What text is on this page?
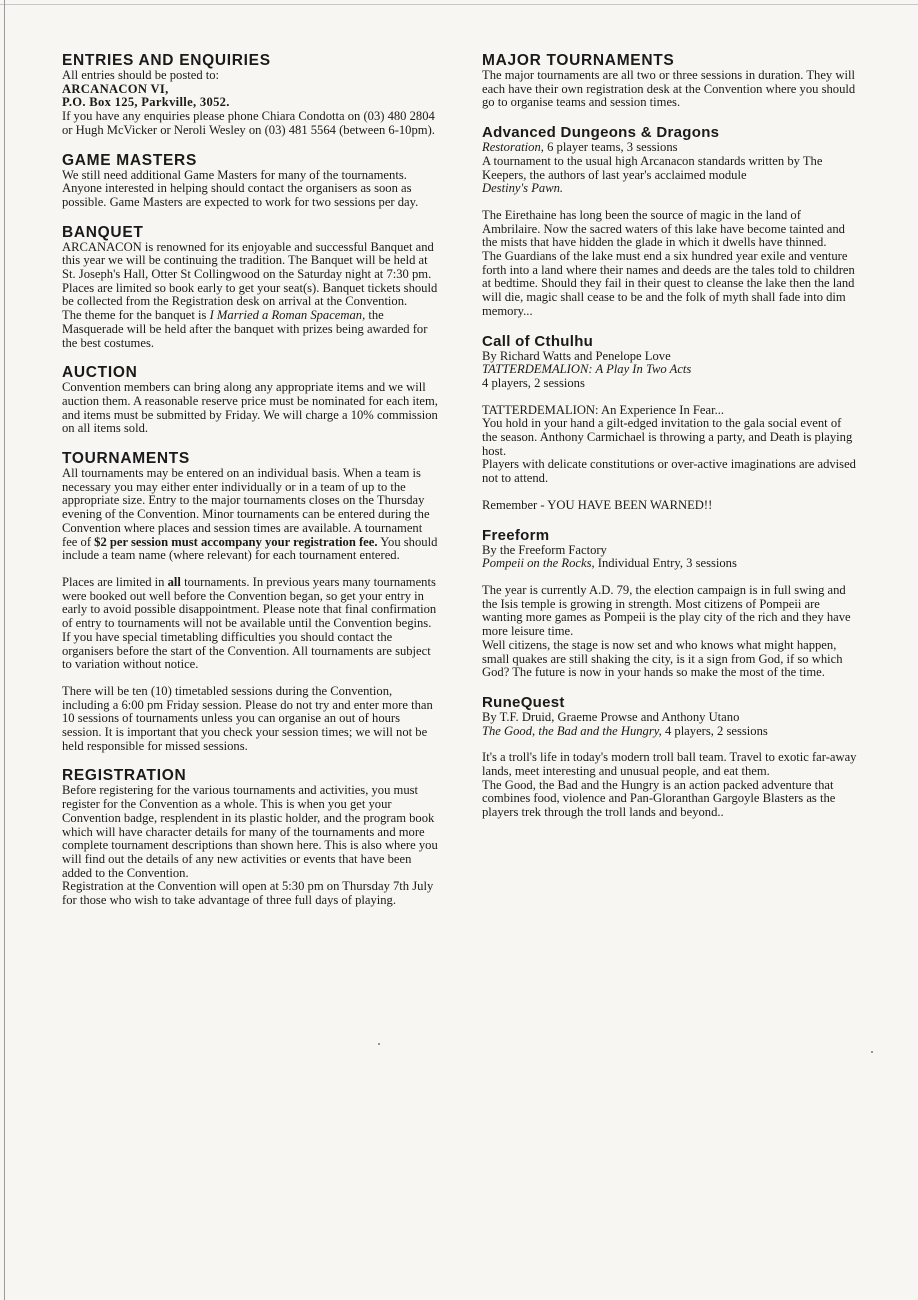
ENTRIES AND ENQUIRIES

All entries should be posted to:

ARCANACON VI,

P.O. Box 125, Parkville, 3052.

If you have any enquiries please phone Chiara Condotta on (03) 480 2804 or Hugh McVicker or Neroli Wesley on (03) 481 5564 (between 6-10pm).

GAME MASTERS

We still need additional Game Masters for many of the tournaments. Anyone interested in helping should contact the organisers as soon as possible. Game Masters are expected to work for two sessions per day.

BANQUET

ARCANACON is renowned for its enjoyable and successful Banquet and this year we will be continuing the tradition. The Banquet will be held at St. Joseph's Hall, Otter St Collingwood on the Saturday night at 7:30 pm. Places are limited so book early to get your seat(s). Banquet tickets should be collected from the Registration desk on arrival at the Convention.

The theme for the banquet is I Married a Roman Spaceman, the Masquerade will be held after the banquet with prizes being awarded for the best costumes.

AUCTION

Convention members can bring along any appropriate items and we will auction them. A reasonable reserve price must be nominated for each item, and items must be submitted by Friday. We will charge a 10% commission on all items sold.

TOURNAMENTS

All tournaments may be entered on an individual basis. When a team is necessary you may either enter individually or in a team of up to the appropriate size. Entry to the major tournaments closes on the Thursday evening of the Convention. Minor tournaments can be entered during the Convention where places and session times are available. A tournament fee of $2 per session must accompany your registration fee. You should include a team name (where relevant) for each tournament entered.

Places are limited in all tournaments. In previous years many tournaments were booked out well before the Convention began, so get your entry in early to avoid possible disappointment. Please note that final confirmation of entry to tournaments will not be available until the Convention begins. If you have special timetabling difficulties you should contact the organisers before the start of the Convention. All tournaments are subject to variation without notice.

There will be ten (10) timetabled sessions during the Convention, including a 6:00 pm Friday session. Please do not try and enter more than 10 sessions of tournaments unless you can organise an out of hours session. It is important that you check your session times; we will not be held responsible for missed sessions.

REGISTRATION

Before registering for the various tournaments and activities, you must register for the Convention as a whole. This is when you get your Convention badge, resplendent in its plastic holder, and the program book which will have character details for many of the tournaments and more complete tournament descriptions than shown here. This is also where you will find out the details of any new activities or events that have been added to the Convention.

Registration at the Convention will open at 5:30 pm on Thursday 7th July for those who wish to take advantage of three full days of playing.

MAJOR TOURNAMENTS

The major tournaments are all two or three sessions in duration. They will each have their own registration desk at the Convention where you should go to organise teams and session times.

Advanced Dungeons & Dragons

Restoration, 6 player teams, 3 sessions

A tournament to the usual high Arcanacon standards written by The Keepers, the authors of last year's acclaimed module

Destiny's Pawn.

The Eirethaine has long been the source of magic in the land of Ambrilaire. Now the sacred waters of this lake have become tainted and the mists that have hidden the glade in which it dwells have thinned.

The Guardians of the lake must end a six hundred year exile and venture forth into a land where their names and deeds are the tales told to children at bedtime. Should they fail in their quest to cleanse the lake then the land will die, magic shall cease to be and the folk of myth shall fade into dim memory...

Call of Cthulhu

By Richard Watts and Penelope Love

TATTERDEMALION: A Play In Two Acts

4 players, 2 sessions

TATTERDEMALION: An Experience In Fear...

You hold in your hand a gilt-edged invitation to the gala social event of the season. Anthony Carmichael is throwing a party, and Death is playing host.

Players with delicate constitutions or over-active imaginations are advised not to attend.

Remember - YOU HAVE BEEN WARNED!!

Freeform

By the Freeform Factory

Pompeii on the Rocks, Individual Entry, 3 sessions

The year is currently A.D. 79, the election campaign is in full swing and the Isis temple is growing in strength. Most citizens of Pompeii are wanting more games as Pompeii is the play city of the rich and they have more leisure time.

Well citizens, the stage is now set and who knows what might happen, small quakes are still shaking the city, is it a sign from God, if so which God? The future is now in your hands so make the most of the time.

RuneQuest

By T.F. Druid, Graeme Prowse and Anthony Utano

The Good, the Bad and the Hungry, 4 players, 2 sessions

It's a troll's life in today's modern troll ball team. Travel to exotic far-away lands, meet interesting and unusual people, and eat them.

The Good, the Bad and the Hungry is an action packed adventure that combines food, violence and Pan-Gloranthan Gargoyle Blasters as the players trek through the troll lands and beyond..
